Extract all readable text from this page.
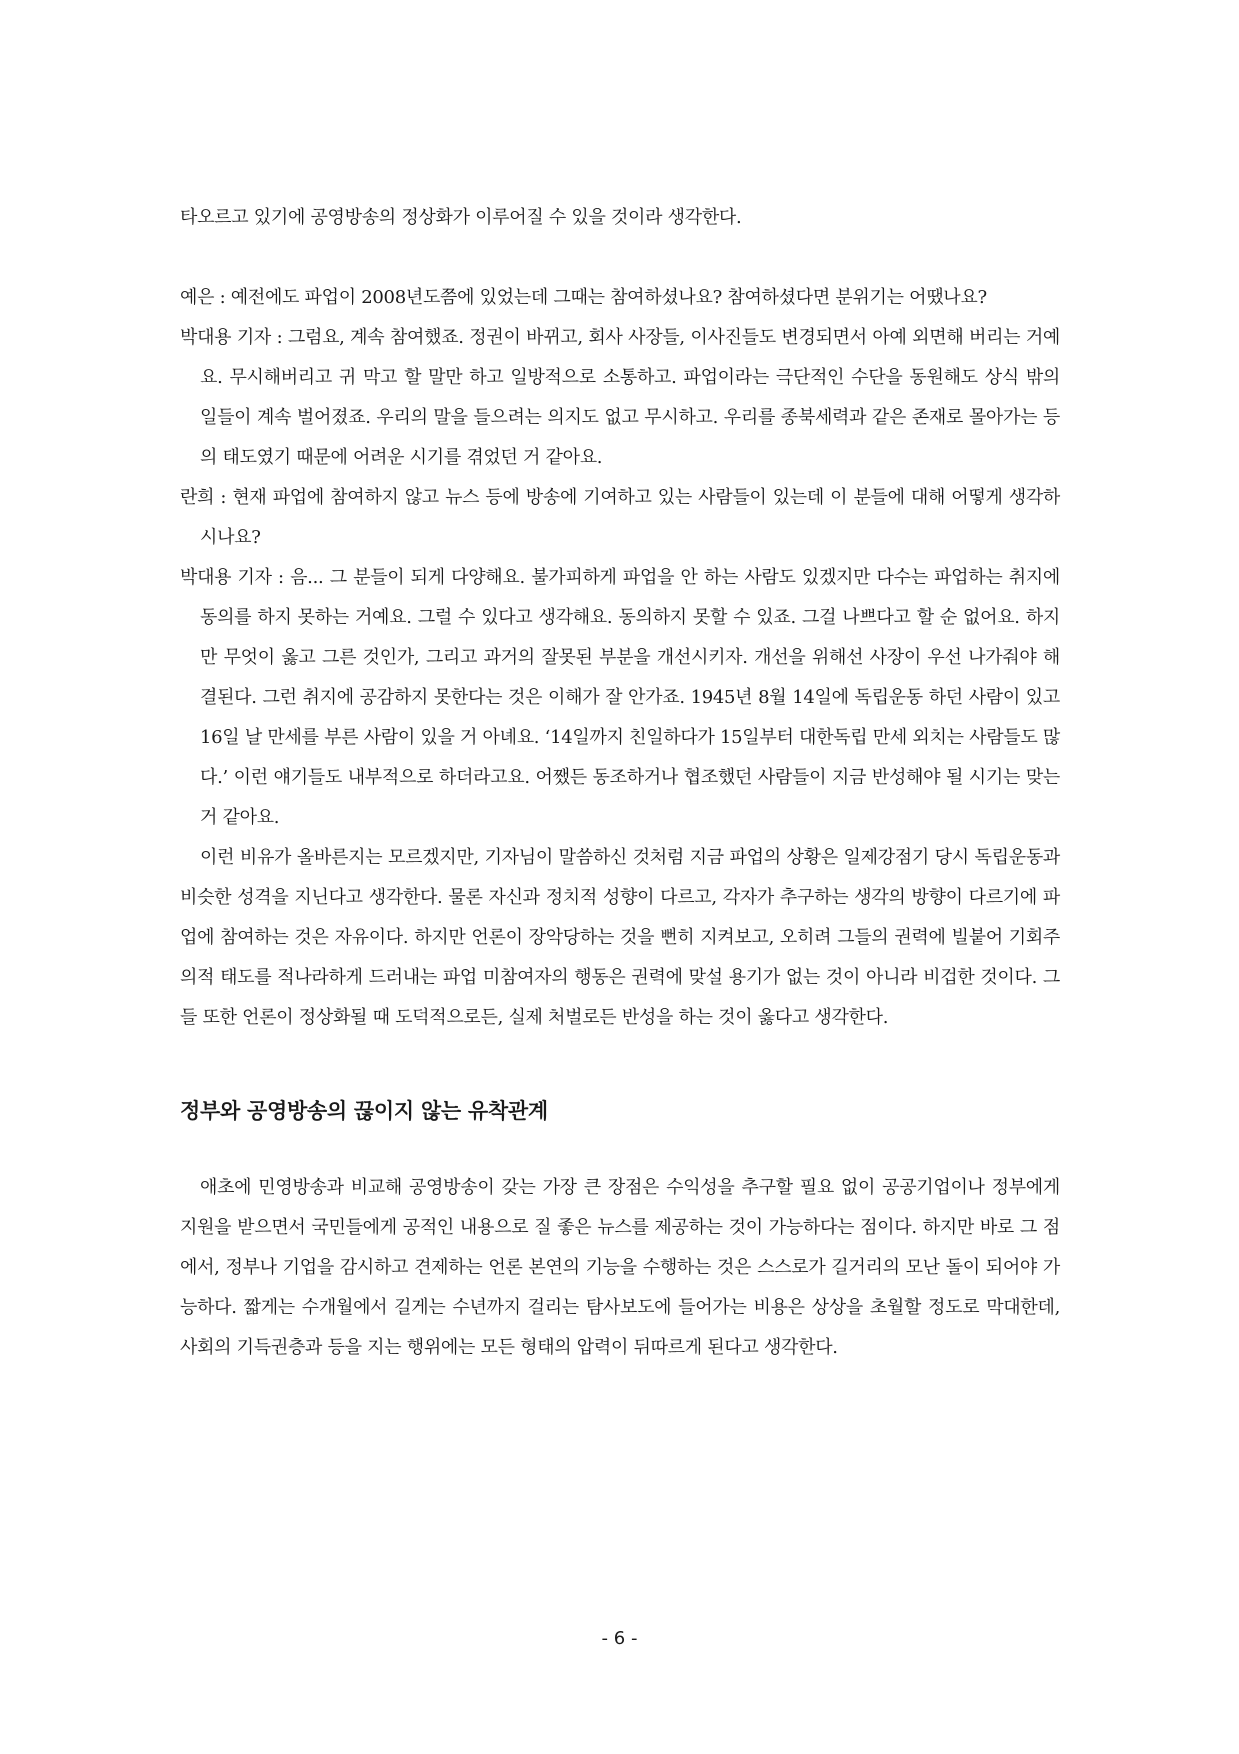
타오르고 있기에 공영방송의 정상화가 이루어질 수 있을 것이라 생각한다.

예은 : 예전에도 파업이 2008년도쯤에 있었는데 그때는 참여하셨나요? 참여하셨다면 분위기는 어땠나요?

박대용 기자 : 그럼요, 계속 참여했죠. 정권이 바뀌고, 회사 사장들, 이사진들도 변경되면서 아예 외면해 버리는 거예요. 무시해버리고 귀 막고 할 말만 하고 일방적으로 소통하고. 파업이라는 극단적인 수단을 동원해도 상식 밖의 일들이 계속 벌어졌죠. 우리의 말을 들으려는 의지도 없고 무시하고. 우리를 종북세력과 같은 존재로 몰아가는 등의 태도였기 때문에 어려운 시기를 겪었던 거 같아요.

란희 : 현재 파업에 참여하지 않고 뉴스 등에 방송에 기여하고 있는 사람들이 있는데 이 분들에 대해 어떻게 생각하시나요?

박대용 기자 : 음... 그 분들이 되게 다양해요. 불가피하게 파업을 안 하는 사람도 있겠지만 다수는 파업하는 취지에 동의를 하지 못하는 거예요. 그럴 수 있다고 생각해요. 동의하지 못할 수 있죠. 그걸 나쁘다고 할 순 없어요. 하지만 무엇이 옳고 그른 것인가, 그리고 과거의 잘못된 부분을 개선시키자. 개선을 위해선 사장이 우선 나가줘야 해결된다. 그런 취지에 공감하지 못한다는 것은 이해가 잘 안가죠. 1945년 8월 14일에 독립운동 하던 사람이 있고 16일 날 만세를 부른 사람이 있을 거 아녜요. ‘14일까지 친일하다가 15일부터 대한독립 만세 외치는 사람들도 많다.’ 이런 얘기들도 내부적으로 하더라고요. 어쨌든 동조하거나 협조했던 사람들이 지금 반성해야 될 시기는 맞는거 같아요.

이런 비유가 올바른지는 모르겠지만, 기자님이 말씀하신 것처럼 지금 파업의 상황은 일제강점기 당시 독립운동과 비슷한 성격을 지닌다고 생각한다. 물론 자신과 정치적 성향이 다르고, 각자가 추구하는 생각의 방향이 다르기에 파업에 참여하는 것은 자유이다. 하지만 언론이 장악당하는 것을 뻔히 지켜보고, 오히려 그들의 권력에 빌붙어 기회주의적 태도를 적나라하게 드러내는 파업 미참여자의 행동은 권력에 맞설 용기가 없는 것이 아니라 비겁한 것이다. 그들 또한 언론이 정상화될 때 도덕적으로든, 실제 처벌로든 반성을 하는 것이 옳다고 생각한다.

정부와 공영방송의 끊이지 않는 유착관계

애초에 민영방송과 비교해 공영방송이 갖는 가장 큰 장점은 수익성을 추구할 필요 없이 공공기업이나 정부에게 지원을 받으면서 국민들에게 공적인 내용으로 질 좋은 뉴스를 제공하는 것이 가능하다는 점이다. 하지만 바로 그 점에서, 정부나 기업을 감시하고 견제하는 언론 본연의 기능을 수행하는 것은 스스로가 길거리의 모난 돌이 되어야 가능하다. 짧게는 수개월에서 길게는 수년까지 걸리는 탐사보도에 들어가는 비용은 상상을 초월할 정도로 막대한데, 사회의 기득권층과 등을 지는 행위에는 모든 형태의 압력이 뒤따르게 된다고 생각한다.

- 6 -
